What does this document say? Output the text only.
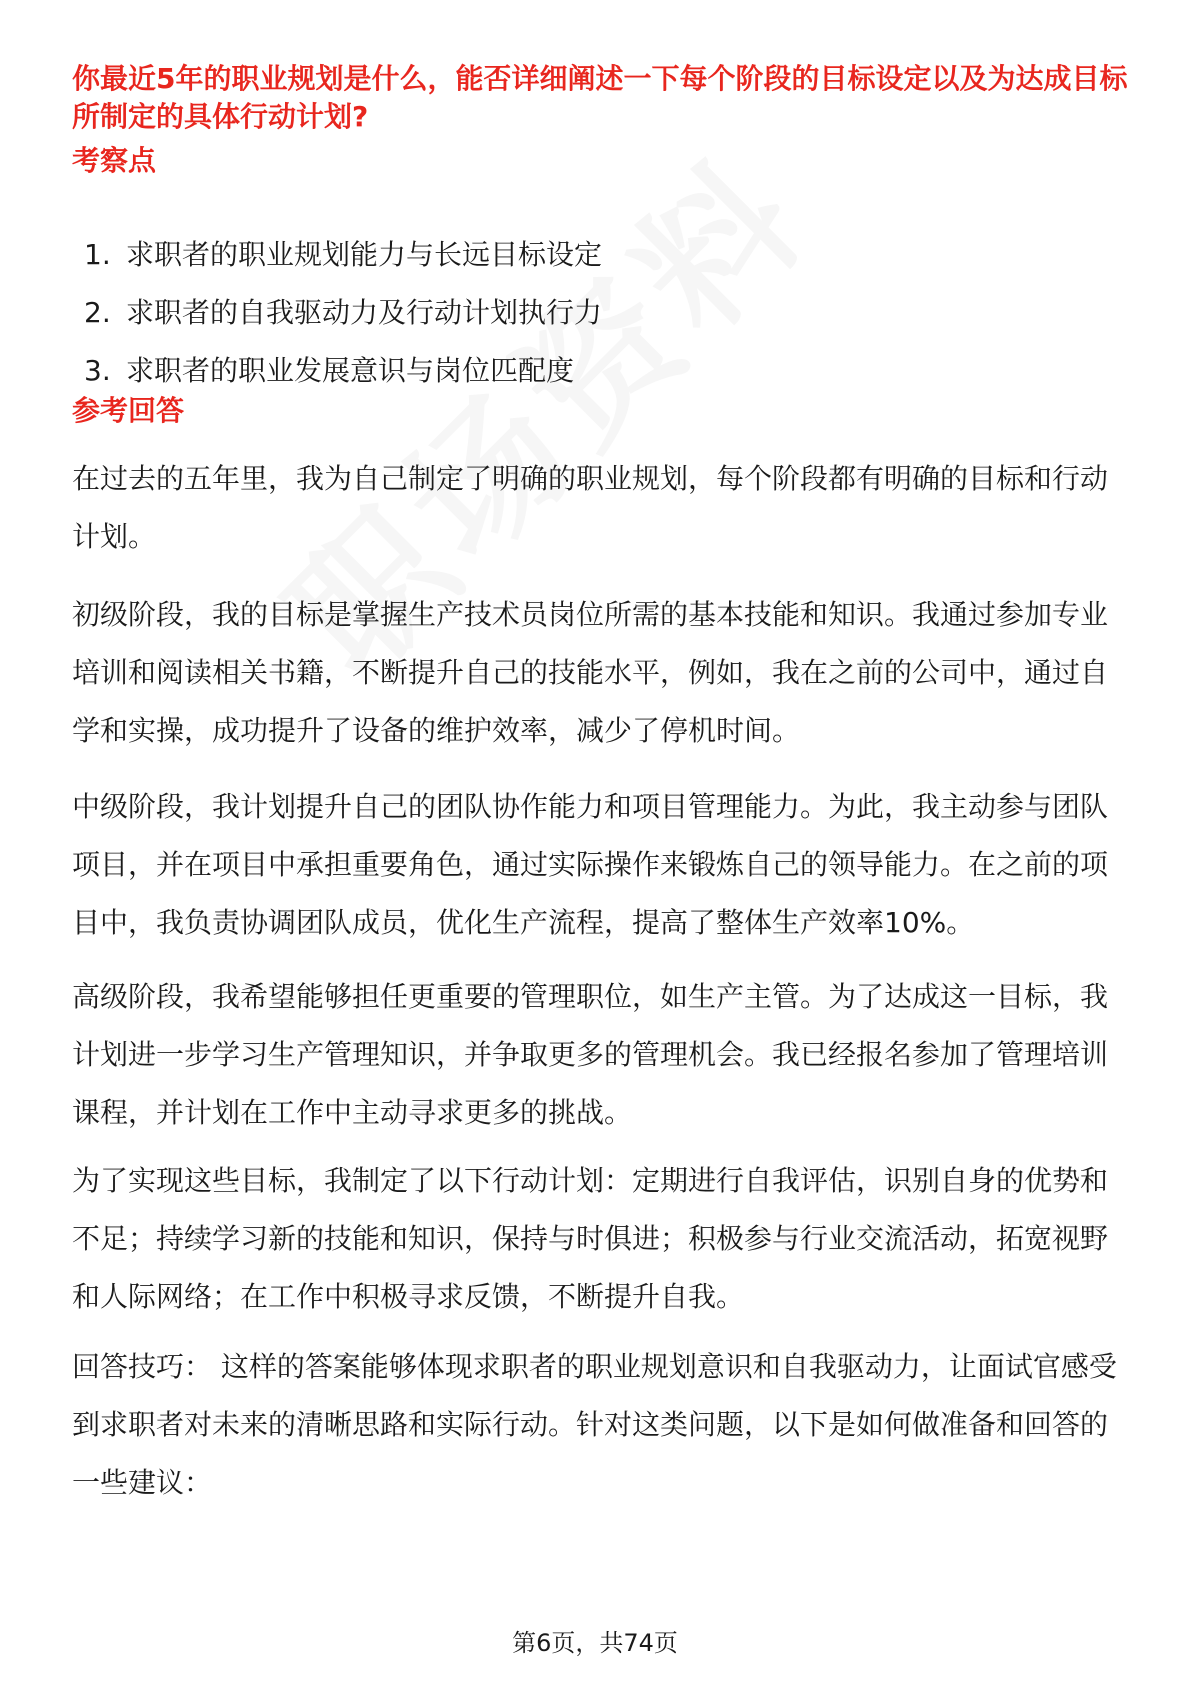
你最近5年的职业规划是什么，能否详细阐述一下每个阶段的目标设定以及为达成目标所制定的具体行动计划?
考察点
1. 求职者的职业规划能力与长远目标设定
2. 求职者的自我驱动力及行动计划执行力
3. 求职者的职业发展意识与岗位匹配度
参考回答

在过去的五年里，我为自己制定了明确的职业规划，每个阶段都有明确的目标和行动计划。

初级阶段，我的目标是掌握生产技术员岗位所需的基本技能和知识。我通过参加专业培训和阅读相关书籍，不断提升自己的技能水平，例如，我在之前的公司中，通过自学和实操，成功提升了设备的维护效率，减少了停机时间。

中级阶段，我计划提升自己的团队协作能力和项目管理能力。为此，我主动参与团队项目，并在项目中承担重要角色，通过实际操作来锻炼自己的领导能力。在之前的项目中，我负责协调团队成员，优化生产流程，提高了整体生产效率10%。

高级阶段，我希望能够担任更重要的管理职位，如生产主管。为了达成这一目标，我计划进一步学习生产管理知识，并争取更多的管理机会。我已经报名参加了管理培训课程，并计划在工作中主动寻求更多的挑战。

为了实现这些目标，我制定了以下行动计划：定期进行自我评估，识别自身的优势和不足；持续学习新的技能和知识，保持与时俱进；积极参与行业交流活动，拓宽视野和人际网络；在工作中积极寻求反馈，不断提升自我。

回答技巧： 这样的答案能够体现求职者的职业规划意识和自我驱动力，让面试官感受到求职者对未来的清晰思路和实际行动。针对这类问题，以下是如何做准备和回答的一些建议：

第6页，共74页
